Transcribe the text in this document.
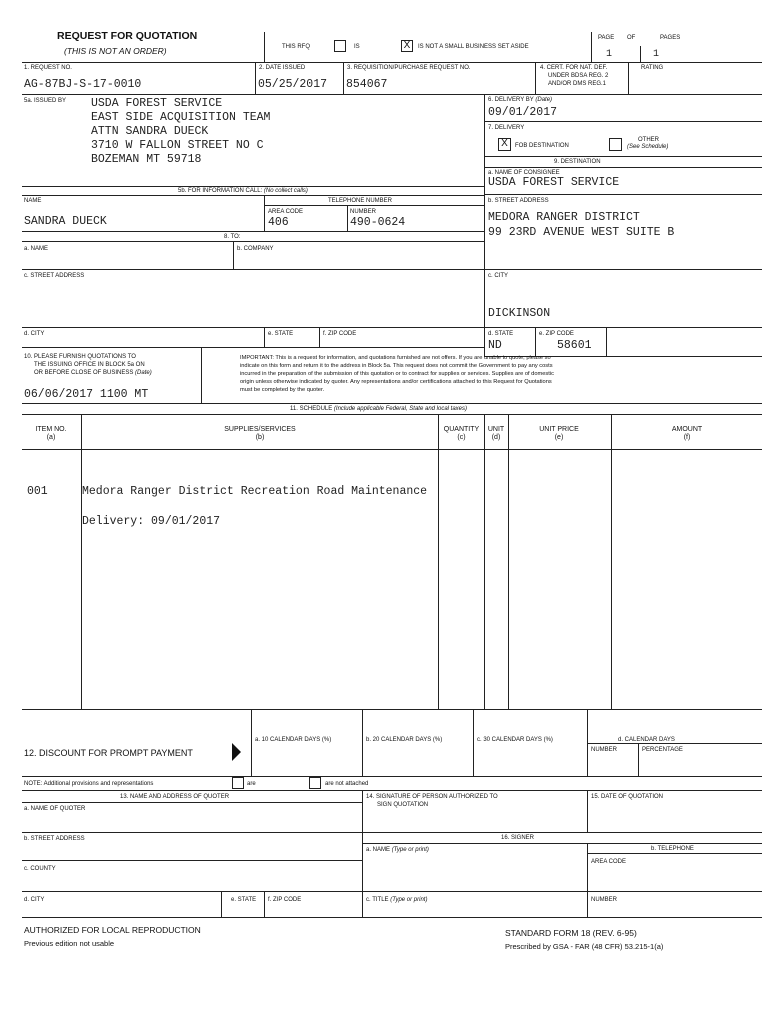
REQUEST FOR QUOTATION
(THIS IS NOT AN ORDER)	THIS RFQ	IS	X	IS NOT A SMALL BUSINESS SET ASIDE
PAGE OF	PAGES
1	1
1. REQUEST NO.
AG-87BJ-S-17-0010
2. DATE ISSUED
05/25/2017
3. REQUISITION/PURCHASE REQUEST NO.
854067
4. CERT. FOR NAT. DEF.
UNDER BDSA REG. 2
AND/OR DMS REG.1
RATING
5a. ISSUED BY USDA FOREST SERVICE
EAST SIDE ACQUISITION TEAM
ATTN SANDRA DUECK
3710 W FALLON STREET NO C
BOZEMAN MT 59718
6. DELIVERY BY (Date)
09/01/2017
7. DELIVERY
X	FOB DESTINATION
OTHER
(See Schedule)
9. DESTINATION
a. NAME OF CONSIGNEE
USDA FOREST SERVICE
b. STREET ADDRESS
MEDORA RANGER DISTRICT
99 23RD AVENUE WEST SUITE B
c. CITY
DICKINSON
d. STATE
ND
e. ZIP CODE
58601
5b. FOR INFORMATION CALL: (No collect calls)
NAME
SANDRA DUECK
TELEPHONE NUMBER
AREA CODE
406
NUMBER
490-0624
8. TO:
a. NAME	b. COMPANY
c. STREET ADDRESS
d. CITY	e. STATE	f. ZIP CODE
10. PLEASE FURNISH QUOTATIONS TO
THE ISSUING OFFICE IN BLOCK 5a ON
OR BEFORE CLOSE OF BUSINESS (Date)
06/06/2017 1100 MT
IMPORTANT: This is a request for information, and quotations furnished are not offers. If you are unable to quote, please so
indicate on this form and return it to the address in Block 5a. This request does not commit the Government to pay any costs
incurred in the preparation of the submission of this quotation or to contract for supplies or services. Supplies are of domestic
origin unless otherwise indicated by quoter. Any representations and/or certifications attached to this Request for Quotations
must be completed by the quoter.
11. SCHEDULE (Include applicable Federal, State and local taxes)
ITEM NO.
(a)
SUPPLIES/SERVICES
(b)
QUANTITY
(c)
UNIT
(d)
UNIT PRICE
(e)
AMOUNT
(f)
001	Medora Ranger District Recreation Road Maintenance
Delivery: 09/01/2017
12. DISCOUNT FOR PROMPT PAYMENT
a. 10 CALENDAR DAYS (%)	b. 20 CALENDAR DAYS (%)	c. 30 CALENDAR DAYS (%)	d. CALENDAR DAYS
NUMBER	PERCENTAGE
NOTE: Additional provisions and representations	are	are not attached
13. NAME AND ADDRESS OF QUOTER
a. NAME OF QUOTER
b. STREET ADDRESS
c. COUNTY
d. CITY	e. STATE f. ZIP CODE
14. SIGNATURE OF PERSON AUTHORIZED TO
SIGN QUOTATION
15. DATE OF QUOTATION
16. SIGNER
a. NAME (Type or print)	b. TELEPHONE
AREA CODE
c. TITLE (Type or print)	NUMBER
AUTHORIZED FOR LOCAL REPRODUCTION
Previous edition not usable
STANDARD FORM 18 (REV. 6-95)
Prescribed by GSA - FAR (48 CFR) 53.215-1(a)
